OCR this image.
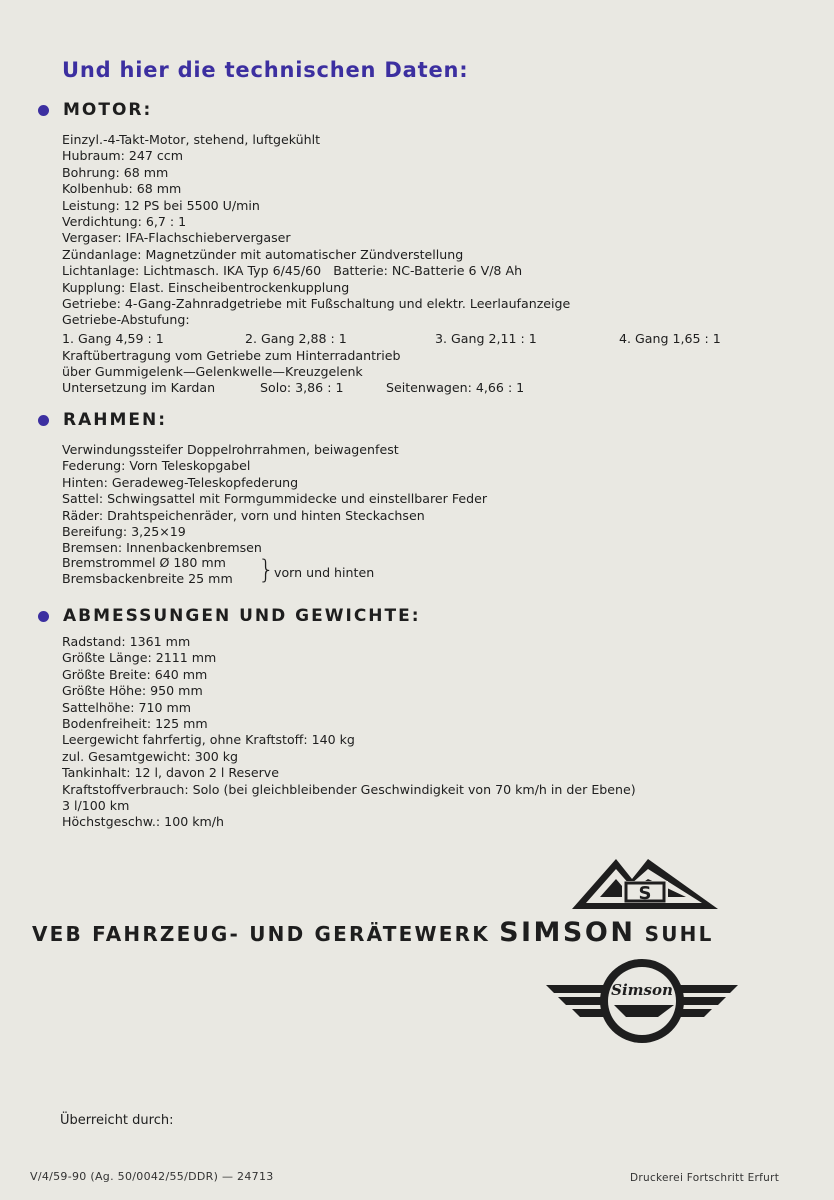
Und hier die technischen Daten:
MOTOR:
Einzyl.-4-Takt-Motor, stehend, luftgekühlt
Hubraum: 247 ccm
Bohrung: 68 mm
Kolbenhub: 68 mm
Leistung: 12 PS bei 5500 U/min
Verdichtung: 6,7 : 1
Vergaser: IFA-Flachschiebervergaser
Zündanlage: Magnetzünder mit automatischer Zündverstellung
Lichtanlage: Lichtmasch. IKA Typ 6/45/60   Batterie: NC-Batterie 6 V/8 Ah
Kupplung: Elast. Einscheibentrockenkupplung
Getriebe: 4-Gang-Zahnradgetriebe mit Fußschaltung und elektr. Leerlaufanzeige
Getriebe-Abstufung:
1. Gang 4,59 : 1	2. Gang 2,88 : 1	3. Gang 2,11 : 1	4. Gang 1,65 : 1
Kraftübertragung vom Getriebe zum Hinterradantrieb
über Gummigelenk—Gelenkwelle—Kreuzgelenk
Untersetzung im Kardan	Solo: 3,86 : 1	Seitenwagen: 4,66 : 1
RAHMEN:
Verwindungssteifer Doppelrohrrahmen, beiwagenfest
Federung: Vorn Teleskopgabel
Hinten: Geradeweg-Teleskopfederung
Sattel: Schwingsattel mit Formgummidecke und einstellbarer Feder
Räder: Drahtspeichenräder, vorn und hinten Steckachsen
Bereifung: 3,25×19
Bremsen: Innenbackenbremsen
Bremstrommel Ø 180 mm
Bremsbackenbreite 25 mm } vorn und hinten
ABMESSUNGEN UND GEWICHTE:
Radstand: 1361 mm
Größte Länge: 2111 mm
Größte Breite: 640 mm
Größte Höhe: 950 mm
Sattelhöhe: 710 mm
Bodenfreiheit: 125 mm
Leergewicht fahrfertig, ohne Kraftstoff: 140 kg
zul. Gesamtgewicht: 300 kg
Tankinhalt: 12 l, davon 2 l Reserve
Kraftstoffverbrauch: Solo (bei gleichbleibender Geschwindigkeit von 70 km/h in der Ebene)
3 l/100 km
Höchstgeschw.: 100 km/h
S
VEB FAHRZEUG- UND GERÄTEWERK SIMSON SUHL
Simson
Überreicht durch:
V/4/59-90 (Ag. 50/0042/55/DDR) — 24713	Druckerei Fortschritt Erfurt
